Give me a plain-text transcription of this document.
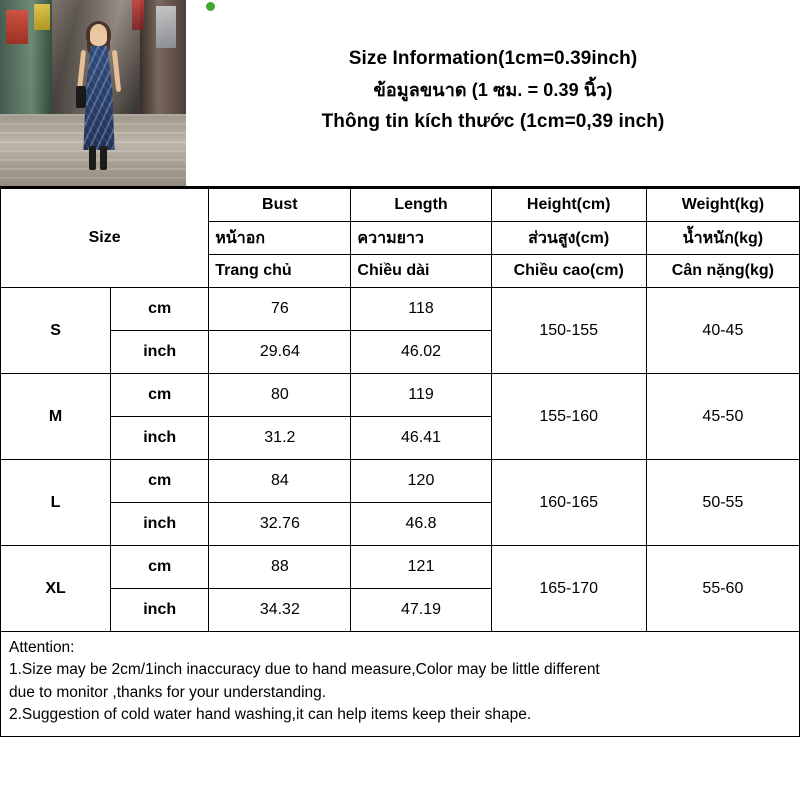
Size Information(1cm=0.39inch)
ข้อมูลขนาด (1 ซม. = 0.39 นิ้ว)
Thông tin kích thước (1cm=0,39 inch)
Size		Bust	Length	Height(cm)	Weight(kg)
		หน้าอก	ความยาว	ส่วนสูง(cm)	น้ำหนัก(kg)
		Trang chủ	Chiều dài	Chiều cao(cm)	Cân nặng(kg)
S	cm	76	118	150-155	40-45
	inch	29.64	46.02		
M	cm	80	119	155-160	45-50
	inch	31.2	46.41		
L	cm	84	120	160-165	50-55
	inch	32.76	46.8		
XL	cm	88	121	165-170	55-60
	inch	34.32	47.19		

Attention:

1.Size may be 2cm/1inch inaccuracy due to hand measure,Color may be little different

due to monitor ,thanks for your understanding.

2.Suggestion of cold water hand washing,it can help items keep their shape.
